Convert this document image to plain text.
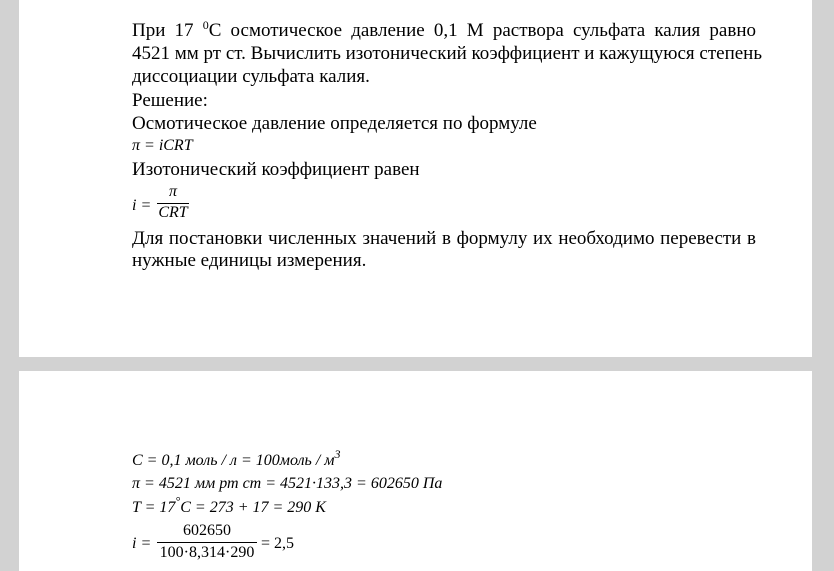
При 17 $^0$С осмотическое давление 0,1 М раствора сульфата калия равно
4521 мм рт ст. Вычислить изотонический коэффициент и кажущуюся степень
диссоциации сульфата калия.
Решение:
Осмотическое давление определяется по формуле
π = iCRT
Изотонический коэффициент равен
i =
π
CRT
Для постановки численных значений в формулу их необходимо перевести в
нужные единицы измерения.
C = 0,1 моль / л = 100моль / $м^3$
π = 4521 мм рт ст = 4521·133,3 = 602650 Па
T = 17°C = 273 + 17 = 290 K
i =
602650
100·8,314·290
= 2,5
